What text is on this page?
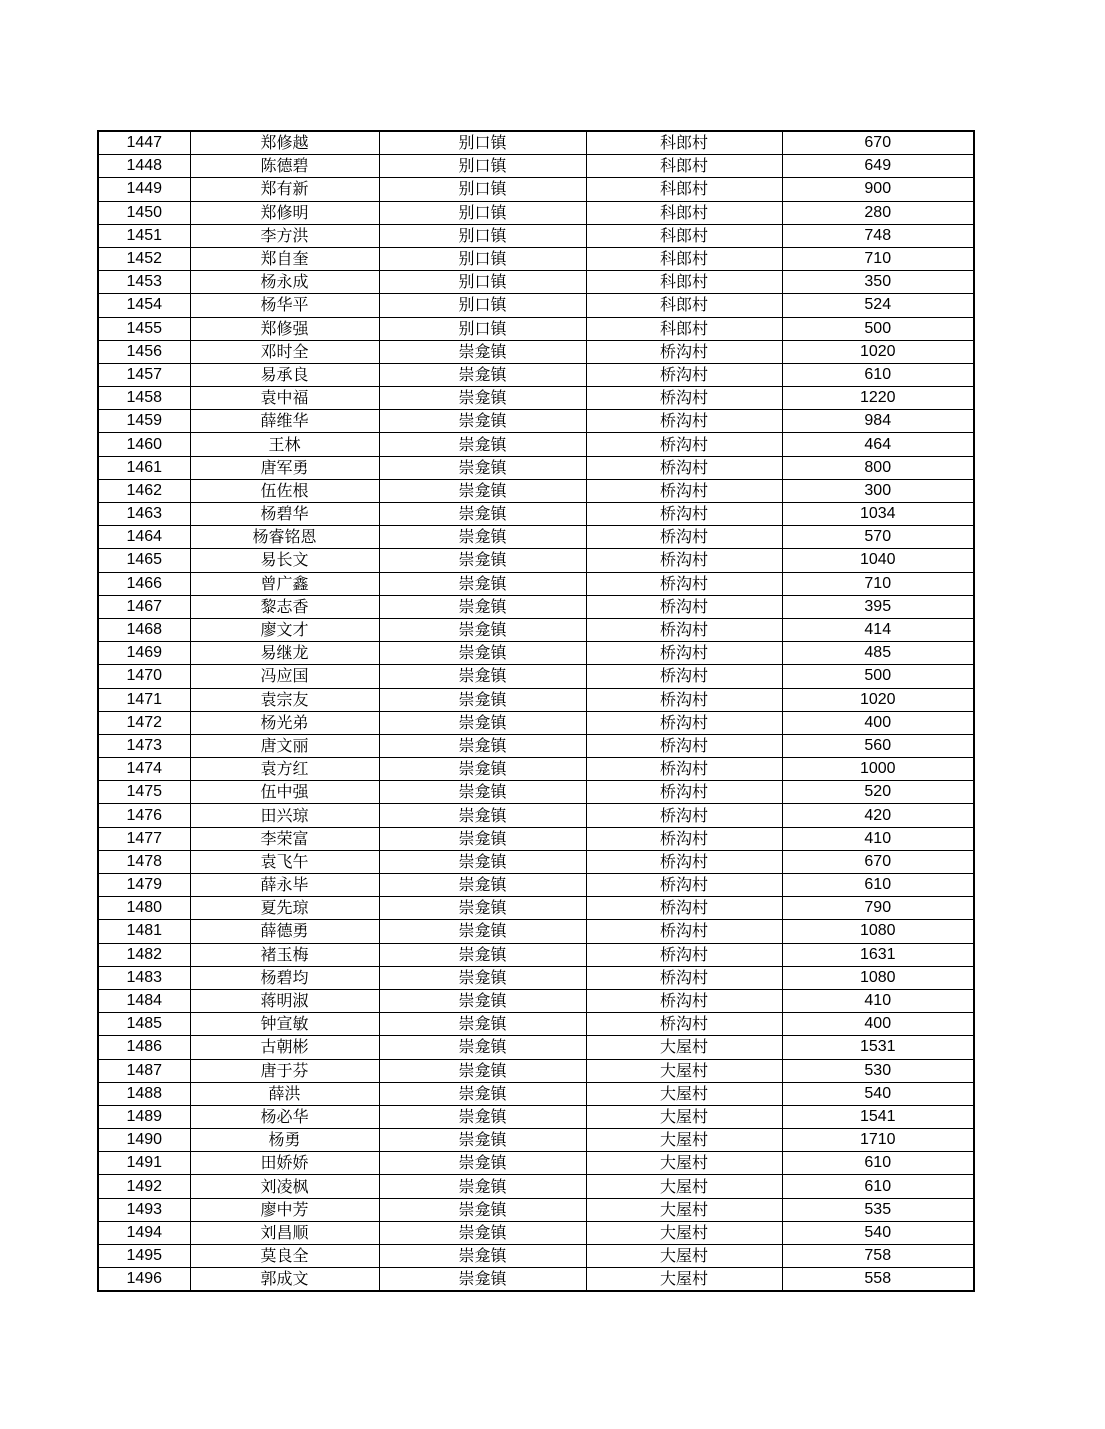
1447	郑修越	别口镇	科郎村	670
1448	陈德碧	别口镇	科郎村	649
1449	郑有新	别口镇	科郎村	900
1450	郑修明	别口镇	科郎村	280
1451	李方洪	别口镇	科郎村	748
1452	郑自奎	别口镇	科郎村	710
1453	杨永成	别口镇	科郎村	350
1454	杨华平	别口镇	科郎村	524
1455	郑修强	别口镇	科郎村	500
1456	邓时全	崇龛镇	桥沟村	1020
1457	易承良	崇龛镇	桥沟村	610
1458	袁中福	崇龛镇	桥沟村	1220
1459	薛维华	崇龛镇	桥沟村	984
1460	王林	崇龛镇	桥沟村	464
1461	唐军勇	崇龛镇	桥沟村	800
1462	伍佐根	崇龛镇	桥沟村	300
1463	杨碧华	崇龛镇	桥沟村	1034
1464	杨睿铭恩	崇龛镇	桥沟村	570
1465	易长文	崇龛镇	桥沟村	1040
1466	曾广鑫	崇龛镇	桥沟村	710
1467	黎志香	崇龛镇	桥沟村	395
1468	廖文才	崇龛镇	桥沟村	414
1469	易继龙	崇龛镇	桥沟村	485
1470	冯应国	崇龛镇	桥沟村	500
1471	袁宗友	崇龛镇	桥沟村	1020
1472	杨光弟	崇龛镇	桥沟村	400
1473	唐文丽	崇龛镇	桥沟村	560
1474	袁方红	崇龛镇	桥沟村	1000
1475	伍中强	崇龛镇	桥沟村	520
1476	田兴琼	崇龛镇	桥沟村	420
1477	李荣富	崇龛镇	桥沟村	410
1478	袁飞午	崇龛镇	桥沟村	670
1479	薛永毕	崇龛镇	桥沟村	610
1480	夏先琼	崇龛镇	桥沟村	790
1481	薛德勇	崇龛镇	桥沟村	1080
1482	褚玉梅	崇龛镇	桥沟村	1631
1483	杨碧均	崇龛镇	桥沟村	1080
1484	蒋明淑	崇龛镇	桥沟村	410
1485	钟宣敏	崇龛镇	桥沟村	400
1486	古朝彬	崇龛镇	大屋村	1531
1487	唐于芬	崇龛镇	大屋村	530
1488	薛洪	崇龛镇	大屋村	540
1489	杨必华	崇龛镇	大屋村	1541
1490	杨勇	崇龛镇	大屋村	1710
1491	田娇娇	崇龛镇	大屋村	610
1492	刘凌枫	崇龛镇	大屋村	610
1493	廖中芳	崇龛镇	大屋村	535
1494	刘昌顺	崇龛镇	大屋村	540
1495	莫良全	崇龛镇	大屋村	758
1496	郭成文	崇龛镇	大屋村	558
